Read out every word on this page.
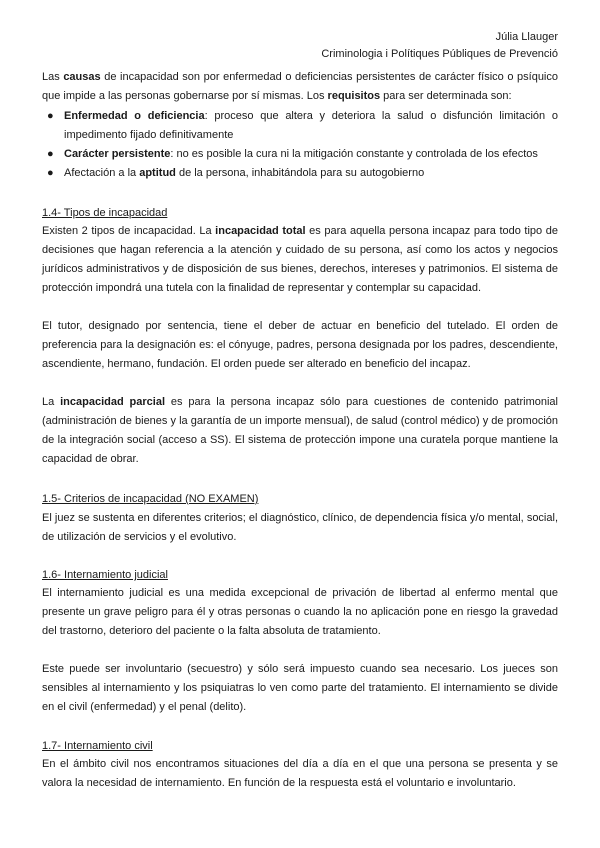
Júlia Llauger
Criminologia i Polítiques Públiques de Prevenció

Las causas de incapacidad son por enfermedad o deficiencias persistentes de carácter físico o psíquico que impide a las personas gobernarse por sí mismas. Los requisitos para ser determinada son:

● Enfermedad o deficiencia: proceso que altera y deteriora la salud o disfunción limitación o impedimento fijado definitivamente
● Carácter persistente: no es posible la cura ni la mitigación constante y controlada de los efectos
● Afectación a la aptitud de la persona, inhabitándola para su autogobierno

1.4- Tipos de incapacidad

Existen 2 tipos de incapacidad. La incapacidad total es para aquella persona incapaz para todo tipo de decisiones que hagan referencia a la atención y cuidado de su persona, así como los actos y negocios jurídicos administrativos y de disposición de sus bienes, derechos, intereses y patrimonios. El sistema de protección impondrá una tutela con la finalidad de representar y contemplar su capacidad.

El tutor, designado por sentencia, tiene el deber de actuar en beneficio del tutelado. El orden de preferencia para la designación es: el cónyuge, padres, persona designada por los padres, descendiente, ascendiente, hermano, fundación. El orden puede ser alterado en beneficio del incapaz.

La incapacidad parcial es para la persona incapaz sólo para cuestiones de contenido patrimonial (administración de bienes y la garantía de un importe mensual), de salud (control médico) y de promoción de la integración social (acceso a SS). El sistema de protección impone una curatela porque mantiene la capacidad de obrar.

1.5- Criterios de incapacidad (NO EXAMEN)

El juez se sustenta en diferentes criterios; el diagnóstico, clínico, de dependencia física y/o mental, social, de utilización de servicios y el evolutivo.

1.6- Internamiento judicial

El internamiento judicial es una medida excepcional de privación de libertad al enfermo mental que presente un grave peligro para él y otras personas o cuando la no aplicación pone en riesgo la gravedad del trastorno, deterioro del paciente o la falta absoluta de tratamiento.

Este puede ser involuntario (secuestro) y sólo será impuesto cuando sea necesario. Los jueces son sensibles al internamiento y los psiquiatras lo ven como parte del tratamiento. El internamiento se divide en el civil (enfermedad) y el penal (delito).

1.7- Internamiento civil

En el ámbito civil nos encontramos situaciones del día a día en el que una persona se presenta y se valora la necesidad de internamiento. En función de la respuesta está el voluntario e involuntario.
